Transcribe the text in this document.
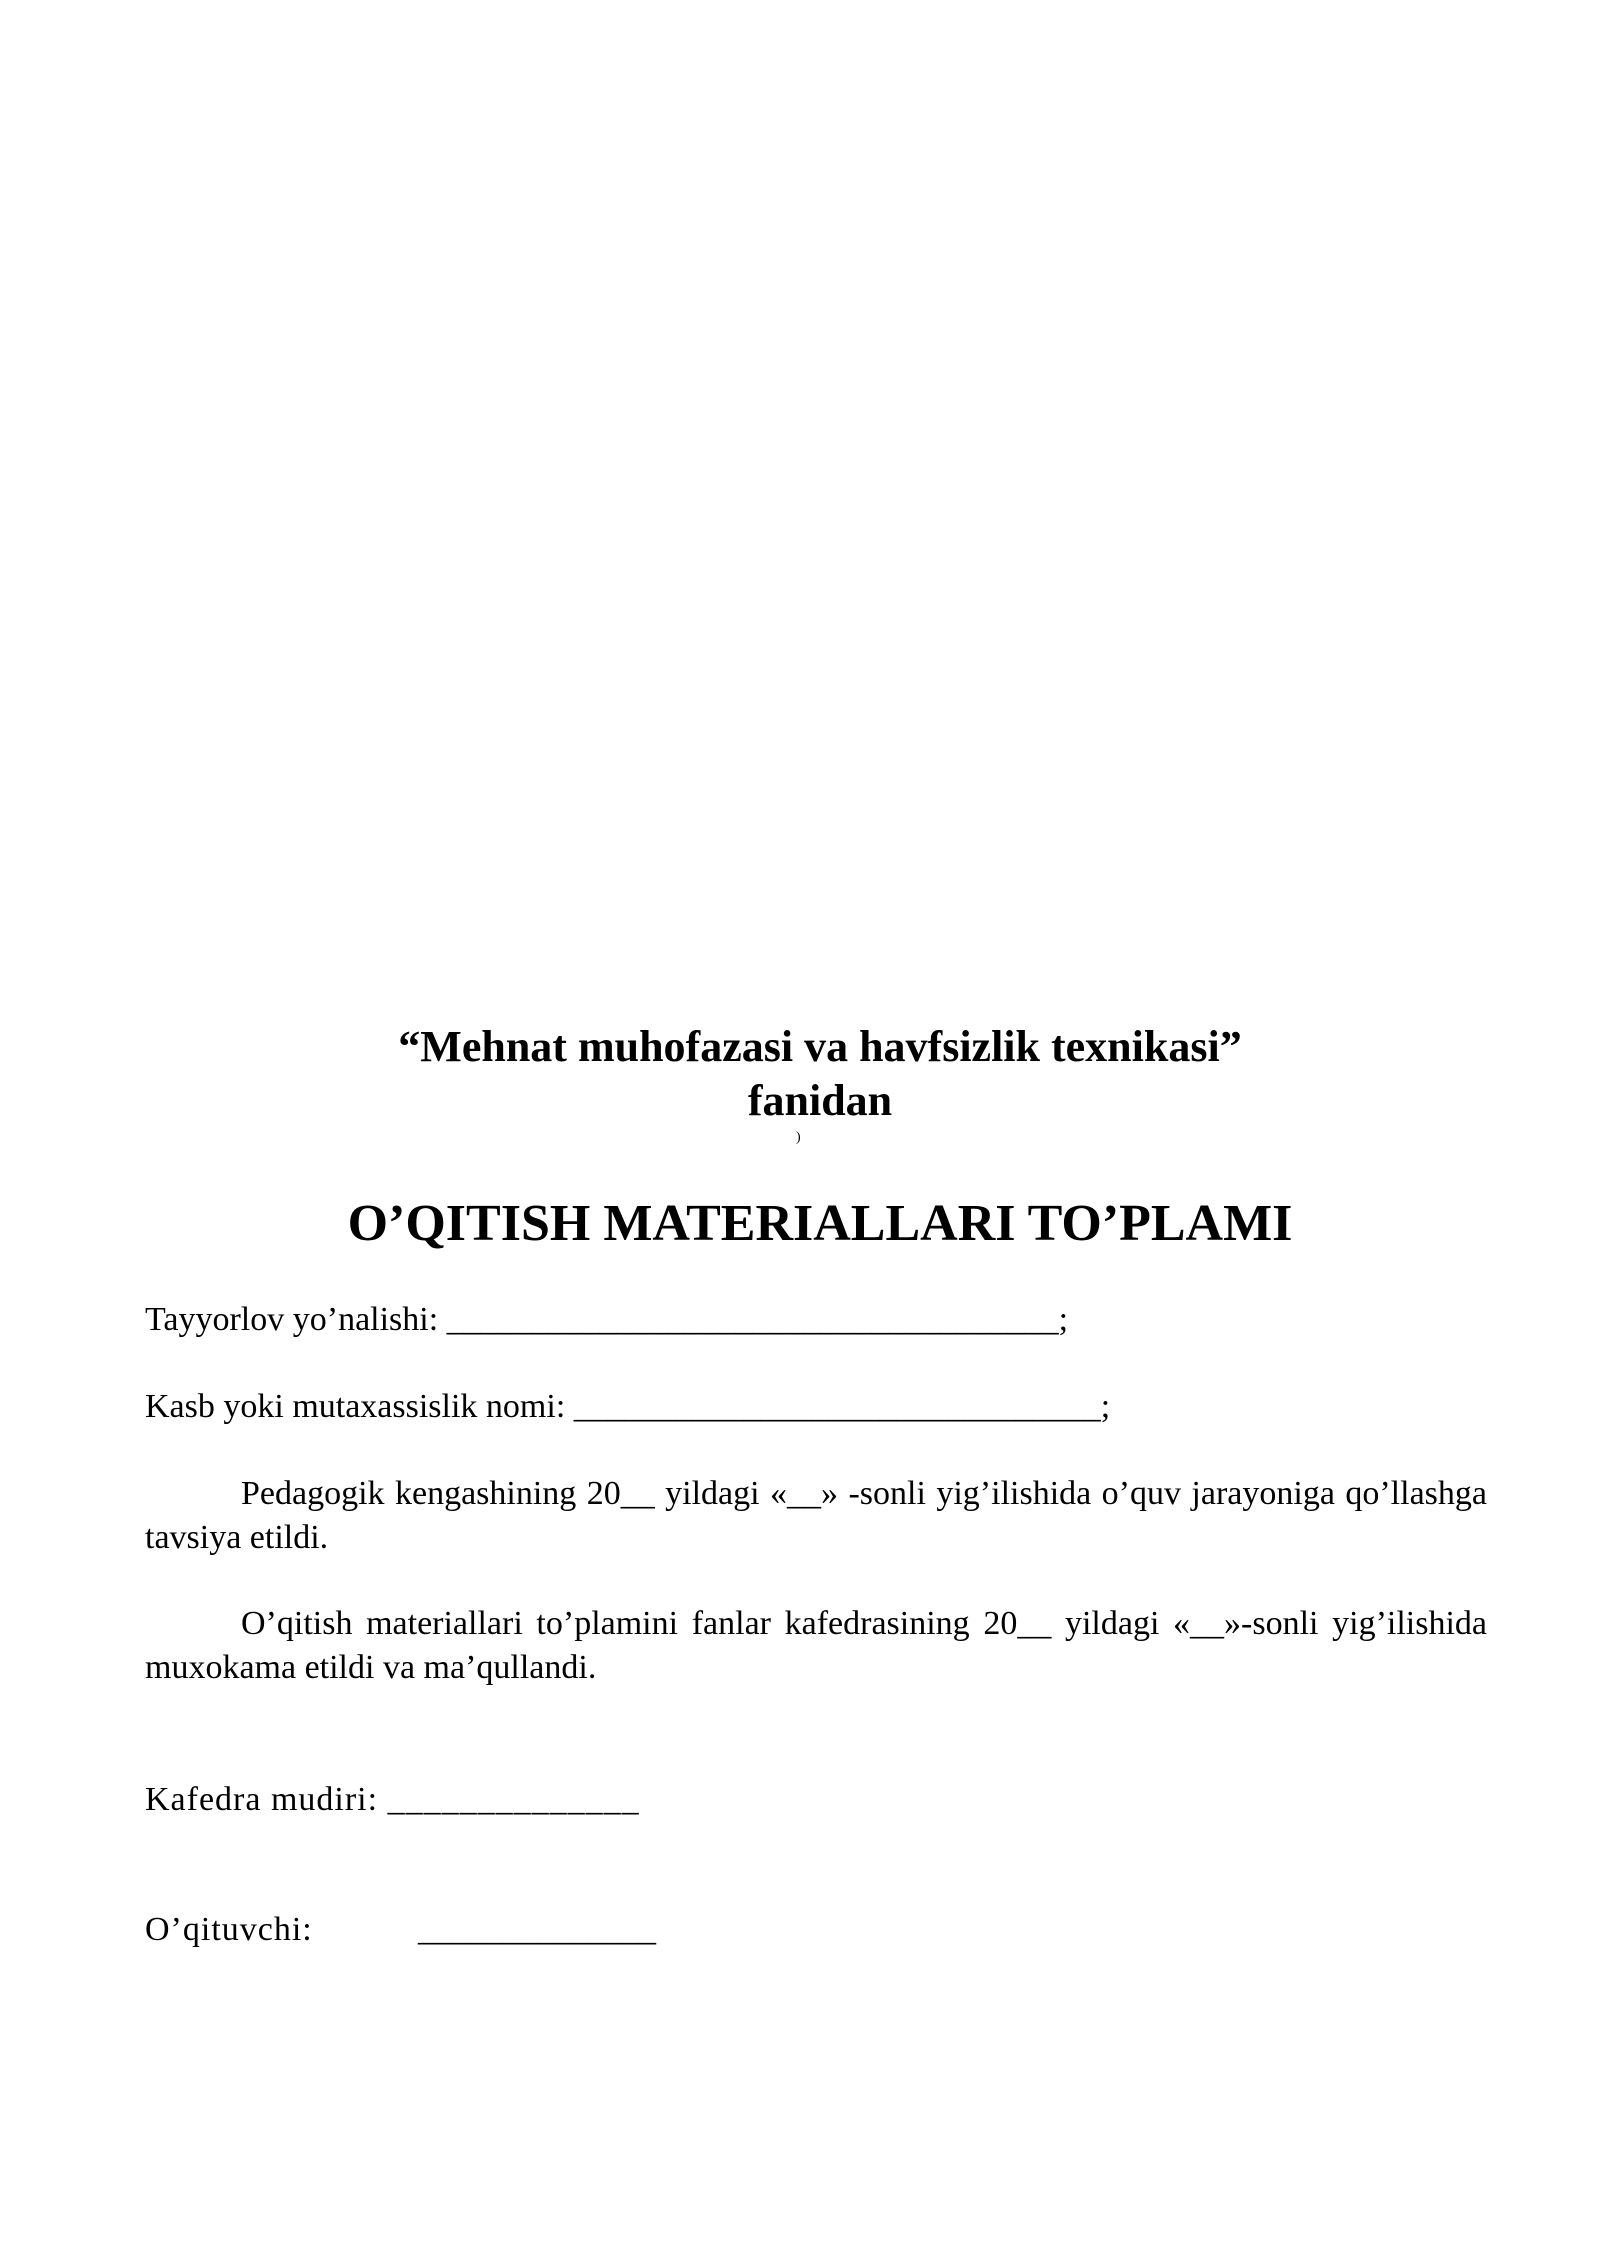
“Mehnat muhofazasi va havfsizlik texnikasi”
fanidan
)
O’QITISH MATERIALLARI TO’PLAMI
Tayyorlov yo’nalishi: ____________________________________;
Kasb yoki mutaxassislik nomi: _______________________________;
Pedagogik kengashining 20__ yildagi «__» -sonli yig’ilishida o’quv jarayoniga qo’llashga tavsiya etildi.
O’qitish materiallari to’plamini fanlar kafedrasining 20__ yildagi «__»-sonli yig’ilishida muxokama etildi va ma’qullandi.
Kafedra mudiri: ______________
O’qituvchi:	______________
